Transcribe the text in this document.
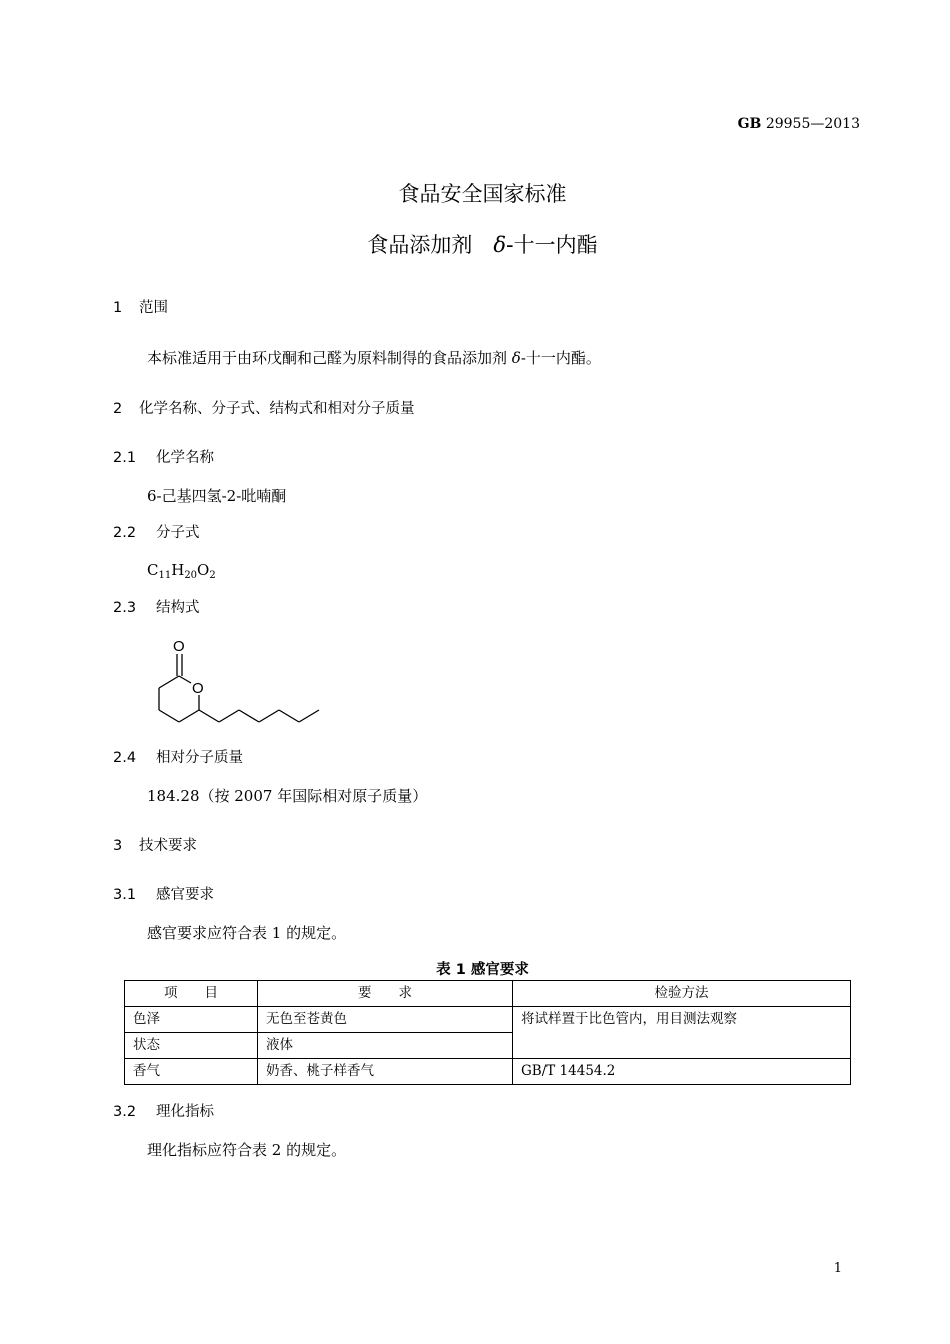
GB 29955—2013
食品安全国家标准
食品添加剂　δ-十一内酯
1 范围
本标准适用于由环戊酮和己醛为原料制得的食品添加剂 δ-十一内酯。
2 化学名称、分子式、结构式和相对分子质量
2.1 化学名称
6-己基四氢-2-吡喃酮
2.2 分子式
$C_{11}H_{20}O_2$
2.3 结构式
O
O
2.4 相对分子质量
184.28（按 2007 年国际相对原子质量）
3 技术要求
3.1 感官要求
感官要求应符合表 1 的规定。
表 1 感官要求
项　　目	要　　求	检验方法
色泽	无色至苍黄色	将试样置于比色管内，用目测法观察
状态	液体	
香气	奶香、桃子样香气	GB/T 14454.2
3.2 理化指标
理化指标应符合表 2 的规定。
1
